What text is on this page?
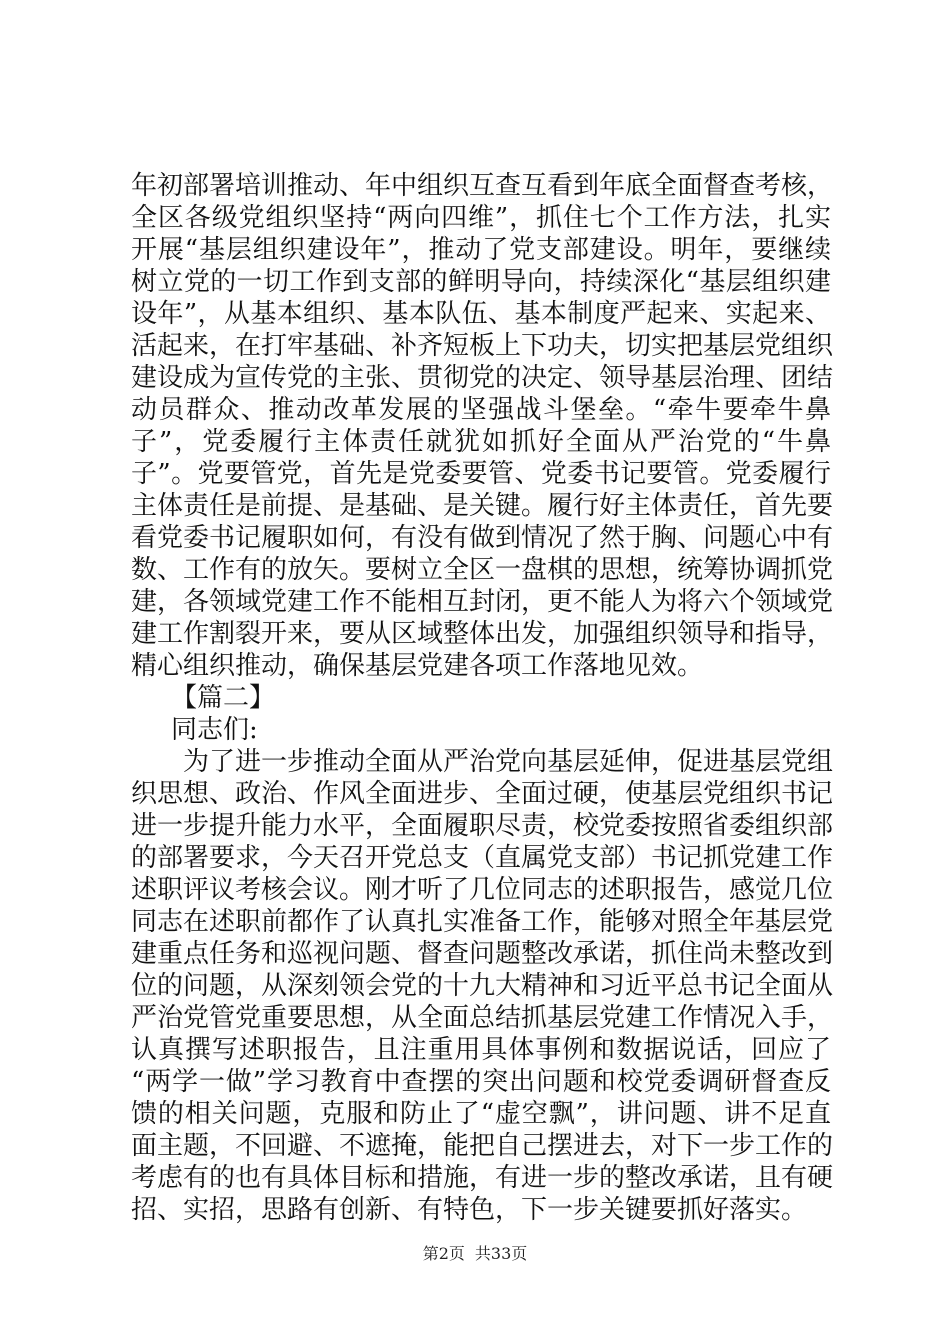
年初部署培训推动、年中组织互查互看到年底全面督查考核，
全区各级党组织坚持“两向四维”，抓住七个工作方法，扎实
开展“基层组织建设年”，推动了党支部建设。明年，要继续
树立党的一切工作到支部的鲜明导向，持续深化“基层组织建
设年”，从基本组织、基本队伍、基本制度严起来、实起来、
活起来，在打牢基础、补齐短板上下功夫，切实把基层党组织
建设成为宣传党的主张、贯彻党的决定、领导基层治理、团结
动员群众、推动改革发展的坚强战斗堡垒。“牵牛要牵牛鼻
子”，党委履行主体责任就犹如抓好全面从严治党的“牛鼻
子”。党要管党，首先是党委要管、党委书记要管。党委履行
主体责任是前提、是基础、是关键。履行好主体责任，首先要
看党委书记履职如何，有没有做到情况了然于胸、问题心中有
数、工作有的放矢。要树立全区一盘棋的思想，统筹协调抓党
建，各领域党建工作不能相互封闭，更不能人为将六个领域党
建工作割裂开来，要从区域整体出发，加强组织领导和指导，
精心组织推动，确保基层党建各项工作落地见效。
【篇二】
同志们:
为了进一步推动全面从严治党向基层延伸，促进基层党组
织思想、政治、作风全面进步、全面过硬，使基层党组织书记
进一步提升能力水平，全面履职尽责，校党委按照省委组织部
的部署要求，今天召开党总支（直属党支部）书记抓党建工作
述职评议考核会议。刚才听了几位同志的述职报告，感觉几位
同志在述职前都作了认真扎实准备工作，能够对照全年基层党
建重点任务和巡视问题、督查问题整改承诺，抓住尚未整改到
位的问题，从深刻领会党的十九大精神和习近平总书记全面从
严治党管党重要思想，从全面总结抓基层党建工作情况入手，
认真撰写述职报告，且注重用具体事例和数据说话，回应了
“两学一做”学习教育中查摆的突出问题和校党委调研督查反
馈的相关问题，克服和防止了“虚空飘”，讲问题、讲不足直
面主题，不回避、不遮掩，能把自己摆进去，对下一步工作的
考虑有的也有具体目标和措施，有进一步的整改承诺，且有硬
招、实招，思路有创新、有特色，下一步关键要抓好落实。
第2页 共33页
